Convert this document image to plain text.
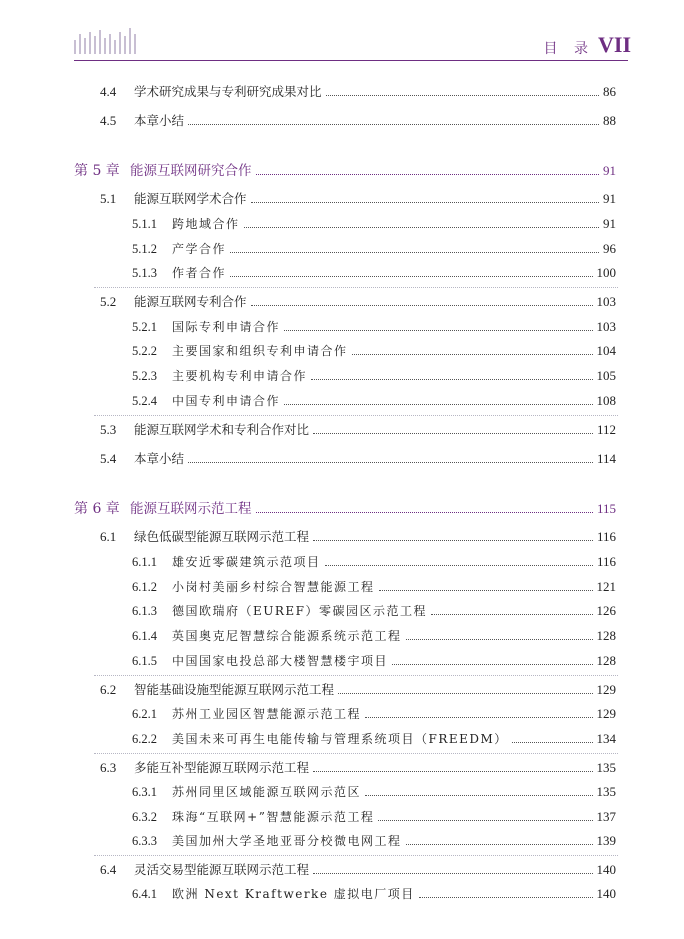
目 录 VII
4.4	学术研究成果与专利研究成果对比	86
4.5	本章小结	88
第 5 章 能源互联网研究合作	91
5.1	能源互联网学术合作	91
5.1.1	跨地域合作	91
5.1.2	产学合作	96
5.1.3	作者合作	100
5.2	能源互联网专利合作	103
5.2.1	国际专利申请合作	103
5.2.2	主要国家和组织专利申请合作	104
5.2.3	主要机构专利申请合作	105
5.2.4	中国专利申请合作	108
5.3	能源互联网学术和专利合作对比	112
5.4	本章小结	114
第 6 章 能源互联网示范工程	115
6.1	绿色低碳型能源互联网示范工程	116
6.1.1	雄安近零碳建筑示范项目	116
6.1.2	小岗村美丽乡村综合智慧能源工程	121
6.1.3	德国欧瑞府（EUREF）零碳园区示范工程	126
6.1.4	英国奥克尼智慧综合能源系统示范工程	128
6.1.5	中国国家电投总部大楼智慧楼宇项目	128
6.2	智能基础设施型能源互联网示范工程	129
6.2.1	苏州工业园区智慧能源示范工程	129
6.2.2	美国未来可再生电能传输与管理系统项目（FREEDM）	134
6.3	多能互补型能源互联网示范工程	135
6.3.1	苏州同里区域能源互联网示范区	135
6.3.2	珠海“互联网+”智慧能源示范工程	137
6.3.3	美国加州大学圣地亚哥分校微电网工程	139
6.4	灵活交易型能源互联网示范工程	140
6.4.1	欧洲 Next Kraftwerke 虚拟电厂项目	140
